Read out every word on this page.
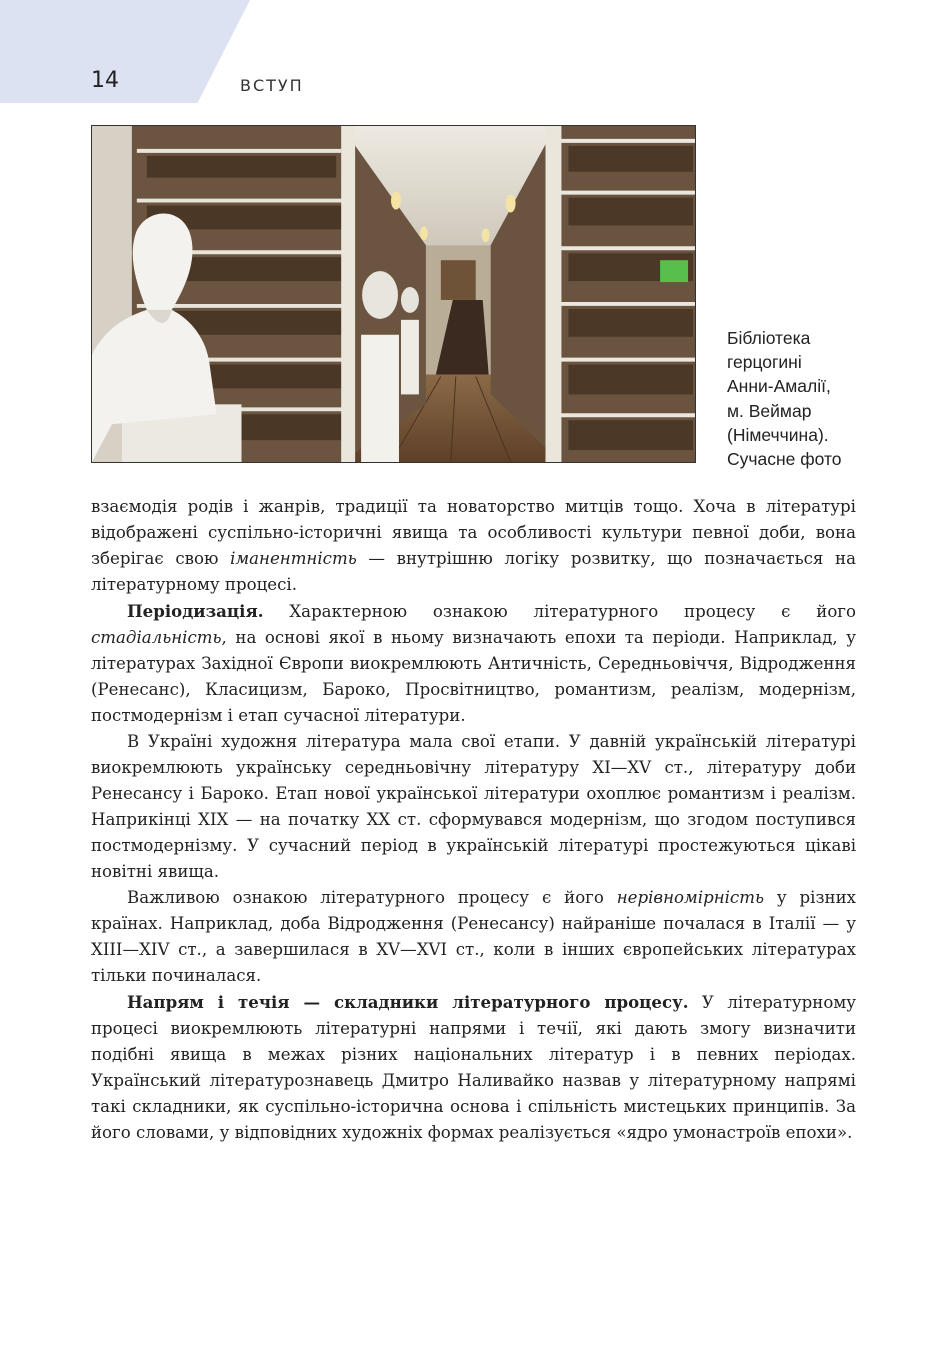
14	ВСТУП
Бібліотека
герцогині
Анни-Амалії,
м. Веймар
(Німеччина).
Сучасне фото

взаємодія родів і жанрів, традиції та новаторство митців тощо. Хоча в літературі відображені суспільно-історичні явища та особливості культури певної доби, вона зберігає свою іманентність — внутрішню логіку розвитку, що позначається на літературному процесі.

Періодизація. Характерною ознакою літературного процесу є його стадіальність, на основі якої в ньому визначають епохи та періоди. Наприклад, у літературах Західної Європи виокремлюють Античність, Середньовіччя, Відродження (Ренесанс), Класицизм, Бароко, Просвітництво, романтизм, реалізм, модернізм, постмодернізм і етап сучасної літератури.

В Україні художня література мала свої етапи. У давній українській літературі виокремлюють українську середньовічну літературу XI—XV ст., літературу доби Ренесансу і Бароко. Етап нової української літератури охоплює романтизм і реалізм. Наприкінці XIX — на початку XX ст. сформувався модернізм, що згодом поступився постмодернізму. У сучасний період в українській літературі простежуються цікаві новітні явища.

Важливою ознакою літературного процесу є його нерівномірність у різних країнах. Наприклад, доба Відродження (Ренесансу) найраніше почалася в Італії — у XIII—XIV ст., а завершилася в XV—XVI ст., коли в інших європейських літературах тільки починалася.

Напрям і течія — складники літературного процесу. У літературному процесі виокремлюють літературні напрями і течії, які дають змогу визначити подібні явища в межах різних національних літератур і в певних періодах. Український літературознавець Дмитро Наливайко назвав у літературному напрямі такі складники, як суспільно-історична основа і спільність мистецьких принципів. За його словами, у відповідних художніх формах реалізується «ядро умонастроїв епохи».
